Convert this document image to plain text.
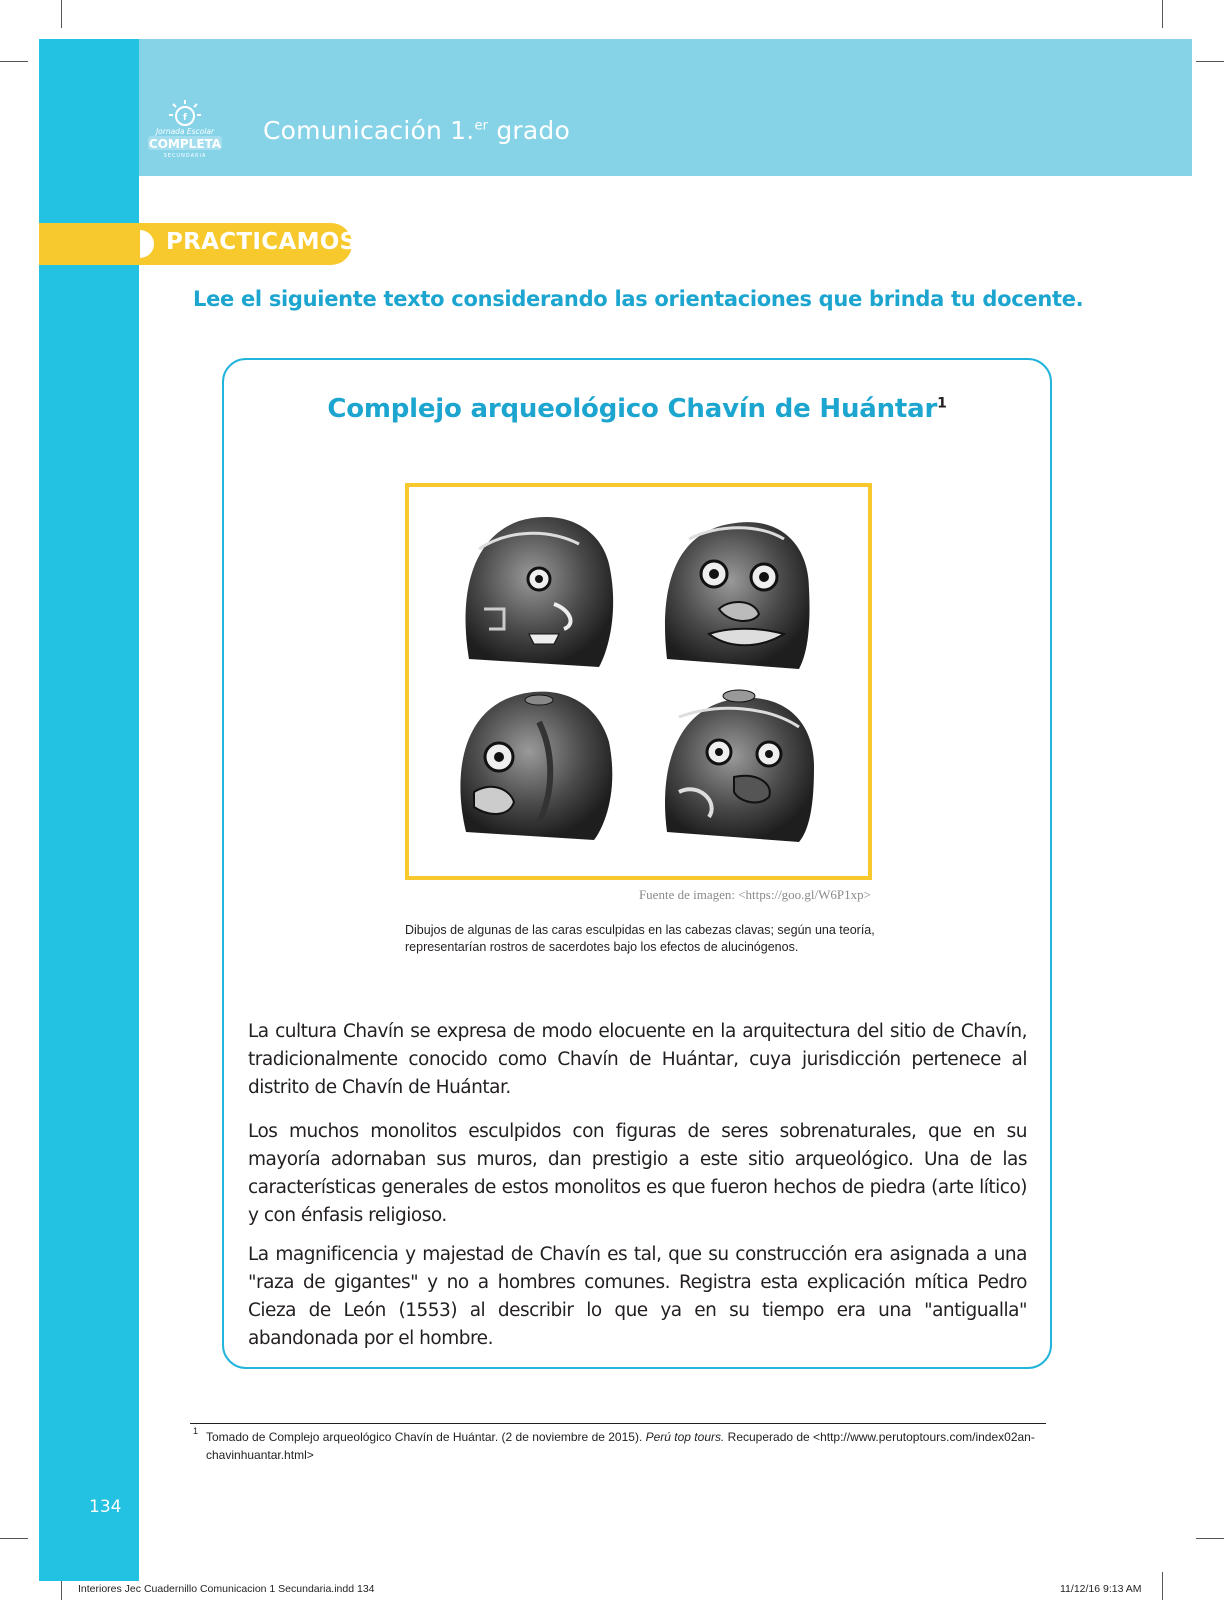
f
Jornada Escolar
COMPLETA
SECUNDARIA
Comunicación 1.$^{er}$ grado
PRACTICAMOS
Lee el siguiente texto considerando las orientaciones que brinda tu docente.
Complejo arqueológico Chavín de Huántar$^1$
Fuente de imagen: <https://goo.gl/W6P1xp>
Dibujos de algunas de las caras esculpidas en las cabezas clavas; según una teoría, representarían rostros de sacerdotes bajo los efectos de alucinógenos.
La cultura Chavín se expresa de modo elocuente en la arquitectura del sitio de Chavín, tradicionalmente conocido como Chavín de Huántar, cuya jurisdicción pertenece al distrito de Chavín de Huántar.
Los muchos monolitos esculpidos con figuras de seres sobrenaturales, que en su mayoría adornaban sus muros, dan prestigio a este sitio arqueológico. Una de las características generales de estos monolitos es que fueron hechos de piedra (arte lítico) y con énfasis religioso.
La magnificencia y majestad de Chavín es tal, que su construcción era asignada a una "raza de gigantes" y no a hombres comunes. Registra esta explicación mítica Pedro Cieza de León (1553) al describir lo que ya en su tiempo era una "antigualla" abandonada por el hombre.
1 Tomado de Complejo arqueológico Chavín de Huántar. (2 de noviembre de 2015). Perú top tours. Recuperado de <http://www.perutoptours.com/index02an-chavinhuantar.html>
134
Interiores Jec Cuadernillo Comunicacion 1 Secundaria.indd 134	11/12/16 9:13 AM
